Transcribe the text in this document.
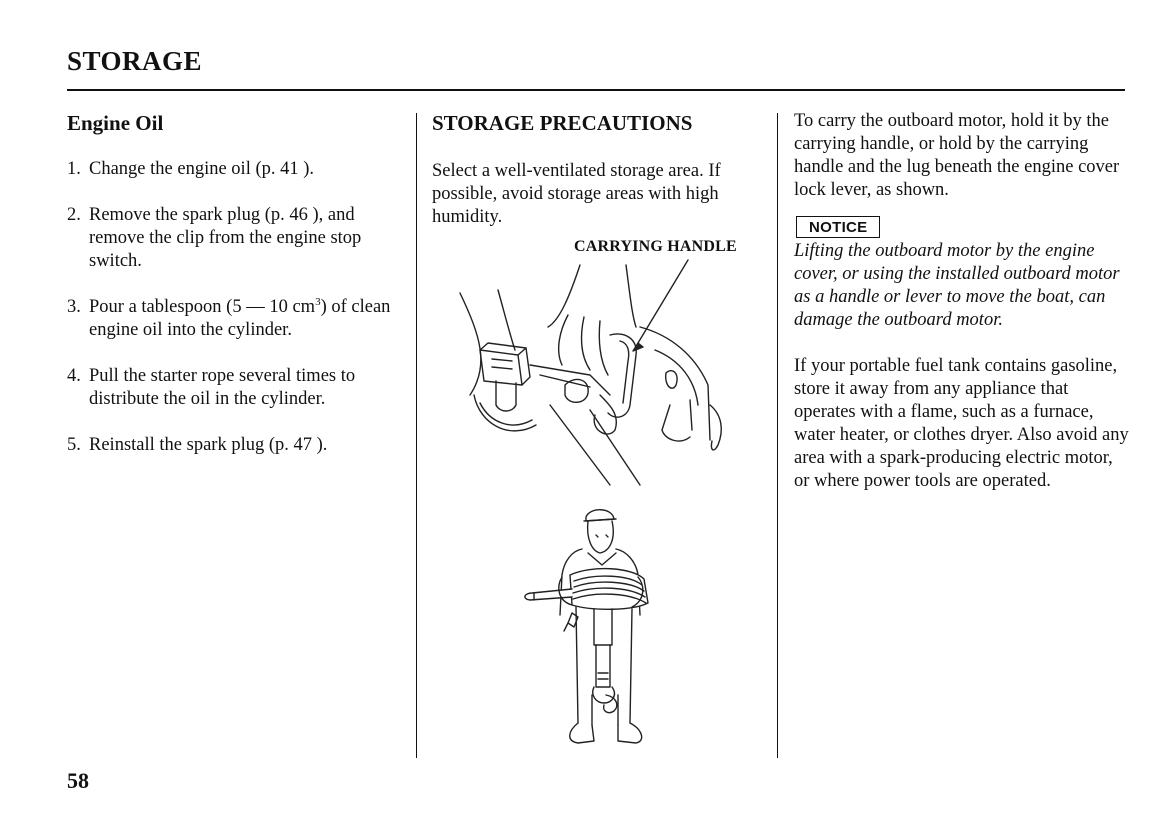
STORAGE
Engine Oil
1. Change the engine oil (p. 41 ).
2. Remove the spark plug (p. 46 ), and remove the clip from the engine stop switch.
3. Pour a tablespoon (5 — 10 $cm^3$) of clean engine oil into the cylinder.
4. Pull the starter rope several times to distribute the oil in the cylinder.
5. Reinstall the spark plug (p. 47 ).
STORAGE PRECAUTIONS

Select a well-ventilated storage area. If possible, avoid storage areas with high humidity.

CARRYING HANDLE

To carry the outboard motor, hold it by the carrying handle, or hold by the carrying handle and the lug beneath the engine cover lock lever, as shown.

NOTICE

Lifting the outboard motor by the engine cover, or using the installed outboard motor as a handle or lever to move the boat, can damage the outboard motor.

If your portable fuel tank contains gasoline, store it away from any appliance that operates with a flame, such as a furnace, water heater, or clothes dryer. Also avoid any area with a spark-producing electric motor, or where power tools are operated.

58
